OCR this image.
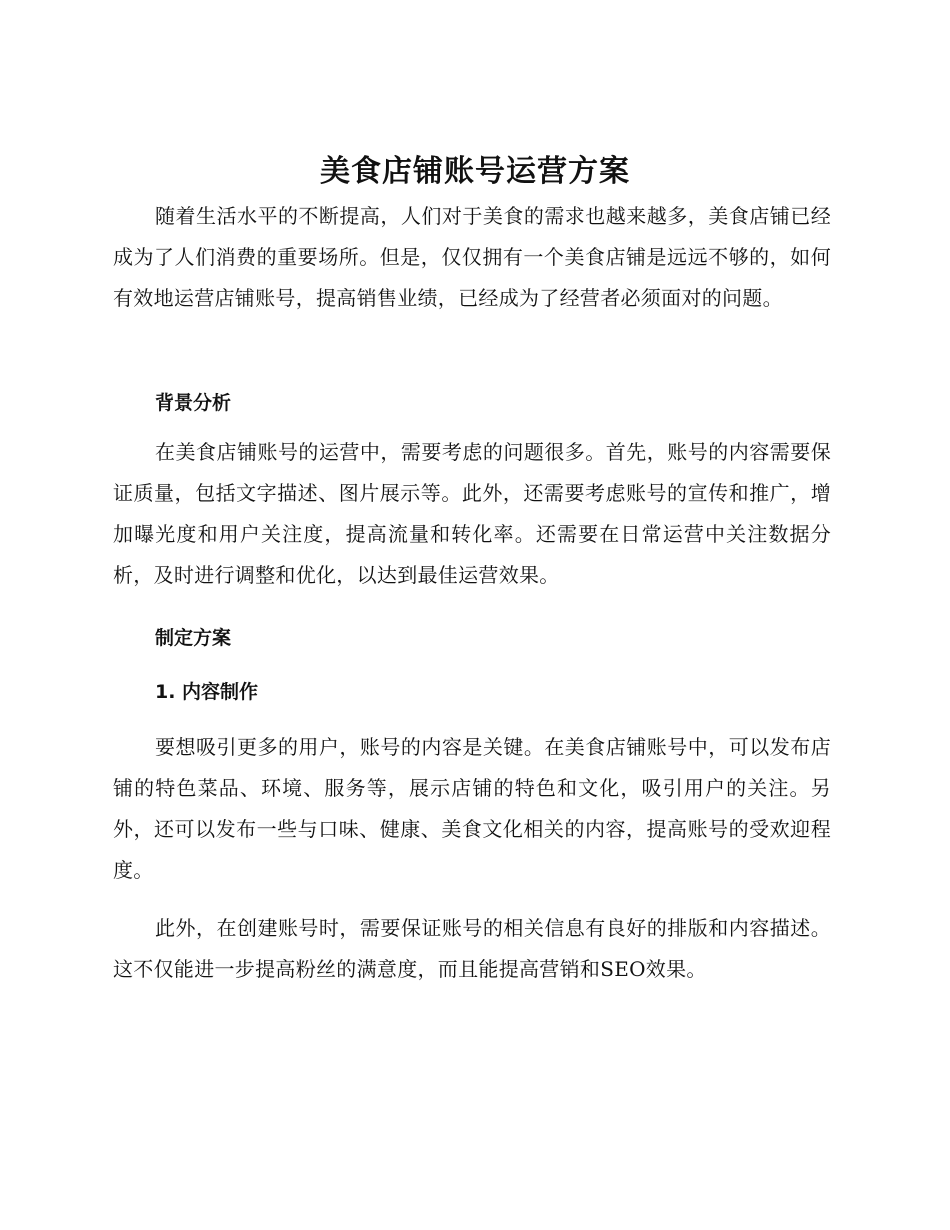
美食店铺账号运营方案

随着生活水平的不断提高，人们对于美食的需求也越来越多，美食店铺已经成为了人们消费的重要场所。但是，仅仅拥有一个美食店铺是远远不够的，如何有效地运营店铺账号，提高销售业绩，已经成为了经营者必须面对的问题。

背景分析

在美食店铺账号的运营中，需要考虑的问题很多。首先，账号的内容需要保证质量，包括文字描述、图片展示等。此外，还需要考虑账号的宣传和推广，增加曝光度和用户关注度，提高流量和转化率。还需要在日常运营中关注数据分析，及时进行调整和优化，以达到最佳运营效果。

制定方案
1. 内容制作

要想吸引更多的用户，账号的内容是关键。在美食店铺账号中，可以发布店铺的特色菜品、环境、服务等，展示店铺的特色和文化，吸引用户的关注。另外，还可以发布一些与口味、健康、美食文化相关的内容，提高账号的受欢迎程度。

此外，在创建账号时，需要保证账号的相关信息有良好的排版和内容描述。这不仅能进一步提高粉丝的满意度，而且能提高营销和SEO效果。
